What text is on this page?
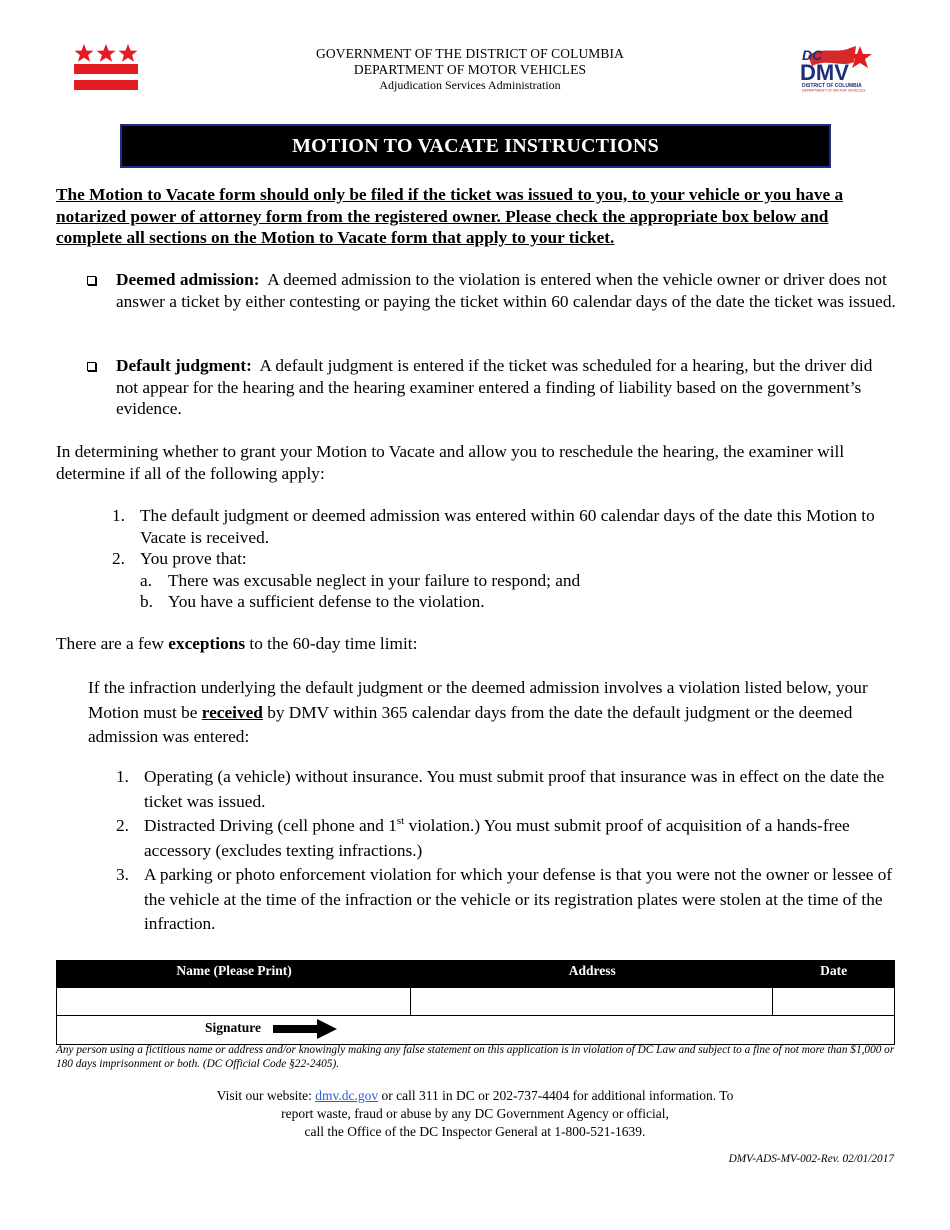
GOVERNMENT OF THE DISTRICT OF COLUMBIA
DEPARTMENT OF MOTOR VEHICLES
Adjudication Services Administration
DC
DMV
DISTRICT OF COLUMBIA
DEPARTMENT OF MOTOR VEHICLES
MOTION TO VACATE INSTRUCTIONS
The Motion to Vacate form should only be filed if the ticket was issued to you, to your vehicle or you have a notarized power of attorney form from the registered owner. Please check the appropriate box below and complete all sections on the Motion to Vacate form that apply to your ticket.
Deemed admission: A deemed admission to the violation is entered when the vehicle owner or driver does not answer a ticket by either contesting or paying the ticket within 60 calendar days of the date the ticket was issued.
Default judgment: A default judgment is entered if the ticket was scheduled for a hearing, but the driver did not appear for the hearing and the hearing examiner entered a finding of liability based on the government’s evidence.
In determining whether to grant your Motion to Vacate and allow you to reschedule the hearing, the examiner will determine if all of the following apply:
1. The default judgment or deemed admission was entered within 60 calendar days of the date this Motion to Vacate is received.
2. You prove that:
a. There was excusable neglect in your failure to respond; and
b. You have a sufficient defense to the violation.
There are a few exceptions to the 60-day time limit:
If the infraction underlying the default judgment or the deemed admission involves a violation listed below, your Motion must be received by DMV within 365 calendar days from the date the default judgment or the deemed admission was entered:
1. Operating (a vehicle) without insurance. You must submit proof that insurance was in effect on the date the ticket was issued.
2. Distracted Driving (cell phone and 1st violation.) You must submit proof of acquisition of a hands-free accessory (excludes texting infractions.)
3. A parking or photo enforcement violation for which your defense is that you were not the owner or lessee of the vehicle at the time of the infraction or the vehicle or its registration plates were stolen at the time of the infraction.
Name (Please Print)	Address	Date
Signature
Any person using a fictitious name or address and/or knowingly making any false statement on this application is in violation of DC Law and subject to a fine of not more than $1,000 or 180 days imprisonment or both. (DC Official Code §22-2405).
Visit our website: dmv.dc.gov or call 311 in DC or 202-737-4404 for additional information. To
report waste, fraud or abuse by any DC Government Agency or official,
call the Office of the DC Inspector General at 1-800-521-1639.
DMV-ADS-MV-002-Rev. 02/01/2017
